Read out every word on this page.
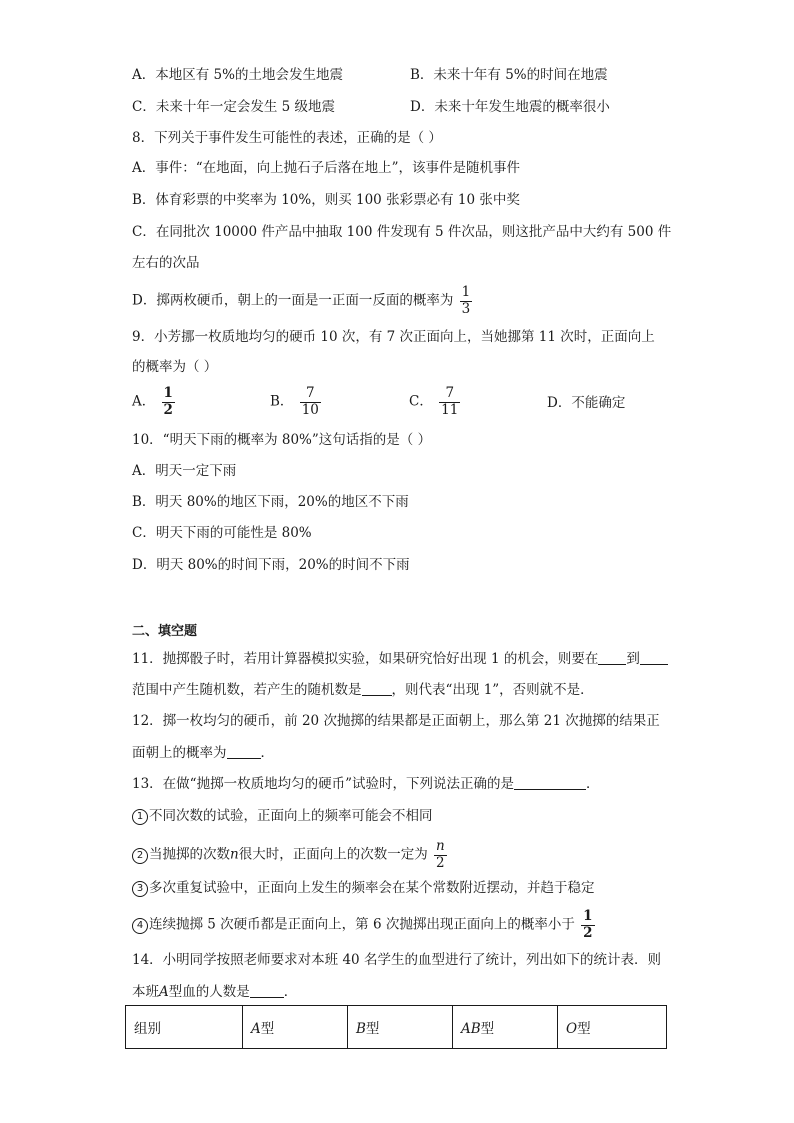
A．本地区有 5%的土地会发生地震	B．未来十年有 5%的时间在地震
C．未来十年一定会发生 5 级地震	D．未来十年发生地震的概率很小
8．下列关于事件发生可能性的表述，正确的是（ ）
A．事件：“在地面，向上抛石子后落在地上”，该事件是随机事件
B．体育彩票的中奖率为 10%，则买 100 张彩票必有 10 张中奖
C．在同批次 10000 件产品中抽取 100 件发现有 5 件次品，则这批产品中大约有 500 件
左右的次品
D．掷两枚硬币，朝上的一面是一正面一反面的概率为 $\frac{1}{3}$
9．小芳挪一枚质地均匀的硬币 10 次，有 7 次正面向上，当她挪第 11 次时，正面向上
的概率为（ ）
A． $\frac{1}{2}$	B． $\frac{7}{10}$	C． $\frac{7}{11}$	D．不能确定
10．“明天下雨的概率为 80%”这句话指的是（ ）
A．明天一定下雨
B．明天 80%的地区下雨，20%的地区不下雨
C．明天下雨的可能性是 80%
D．明天 80%的时间下雨，20%的时间不下雨
二、填空题
11．抛掷骰子时，若用计算器模拟实验，如果研究恰好出现 1 的机会，则要在 到
范围中产生随机数，若产生的随机数是 ，则代表“出现 1”，否则就不是．
12．掷一枚均匀的硬币，前 20 次抛掷的结果都是正面朝上，那么第 21 次抛掷的结果正
面朝上的概率为	．
13．在做“抛掷一枚质地均匀的硬币”试验时，下列说法正确的是	．
1 不同次数的试验，正面向上的频率可能会不相同
2 当抛掷的次数n很大时，正面向上的次数一定为 $\frac{n}{2}$
3 多次重复试验中，正面向上发生的频率会在某个常数附近摆动，并趋于稳定
4 连续抛掷 5 次硬币都是正面向上，第 6 次抛掷出现正面向上的概率小于 $\frac{1}{2}$
14．小明同学按照老师要求对本班 40 名学生的血型进行了统计，列出如下的统计表．则
本班A型血的人数是	．
组别	A型	B型	AB型	O型
